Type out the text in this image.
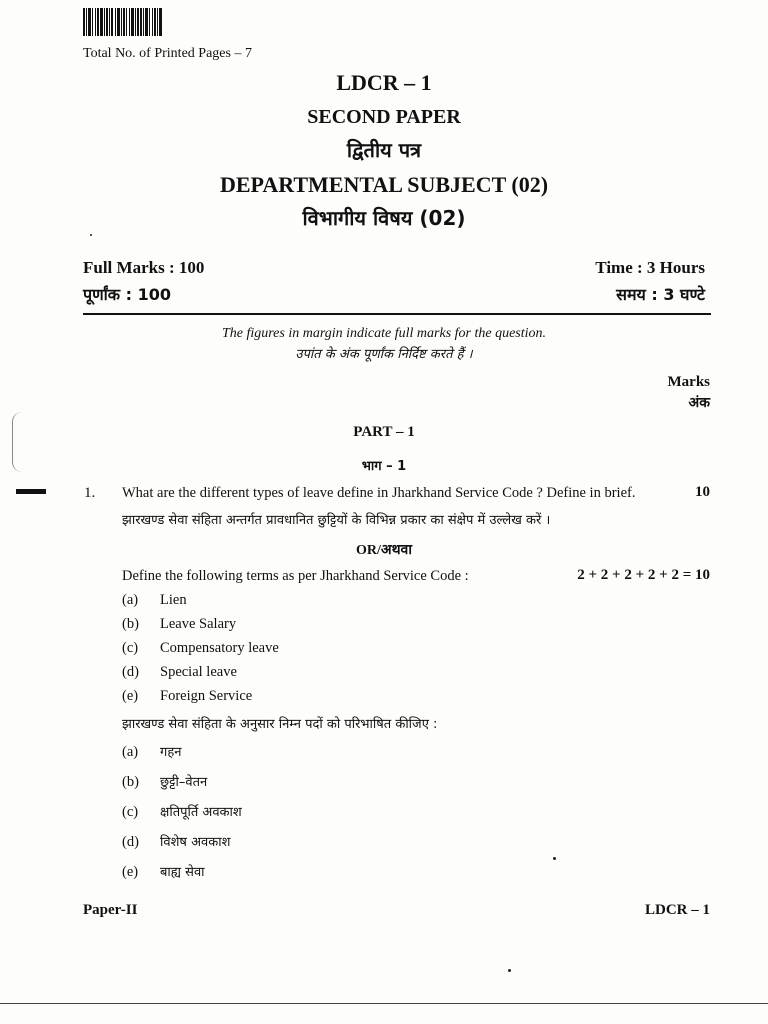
Total No. of Printed Pages – 7
LDCR – 1
SECOND PAPER
द्वितीय पत्र
DEPARTMENTAL SUBJECT (02)
विभागीय विषय (02)
Full Marks : 100
पूर्णांक : 100
Time : 3 Hours
समय : 3 घण्टे
The figures in margin indicate full marks for the question.
उपांत के अंक पूर्णांक निर्दिष्ट करते हैं ।
Marks
अंक
PART – 1
भाग – 1
1. What are the different types of leave define in Jharkhand Service Code ? Define in brief.	10
झारखण्ड सेवा संहिता अन्तर्गत प्रावधानित छुट्टियों के विभिन्न प्रकार का संक्षेप में उल्लेख करें ।
OR/अथवा
Define the following terms as per Jharkhand Service Code :	2 + 2 + 2 + 2 + 2 = 10
(a) Lien
(b) Leave Salary
(c) Compensatory leave
(d) Special leave
(e) Foreign Service
झारखण्ड सेवा संहिता के अनुसार निम्न पदों को परिभाषित कीजिए :
(a) गहन
(b) छुट्टी–वेतन
(c) क्षतिपूर्ति अवकाश
(d) विशेष अवकाश
(e) बाह्य सेवा
Paper-II	LDCR – 1
